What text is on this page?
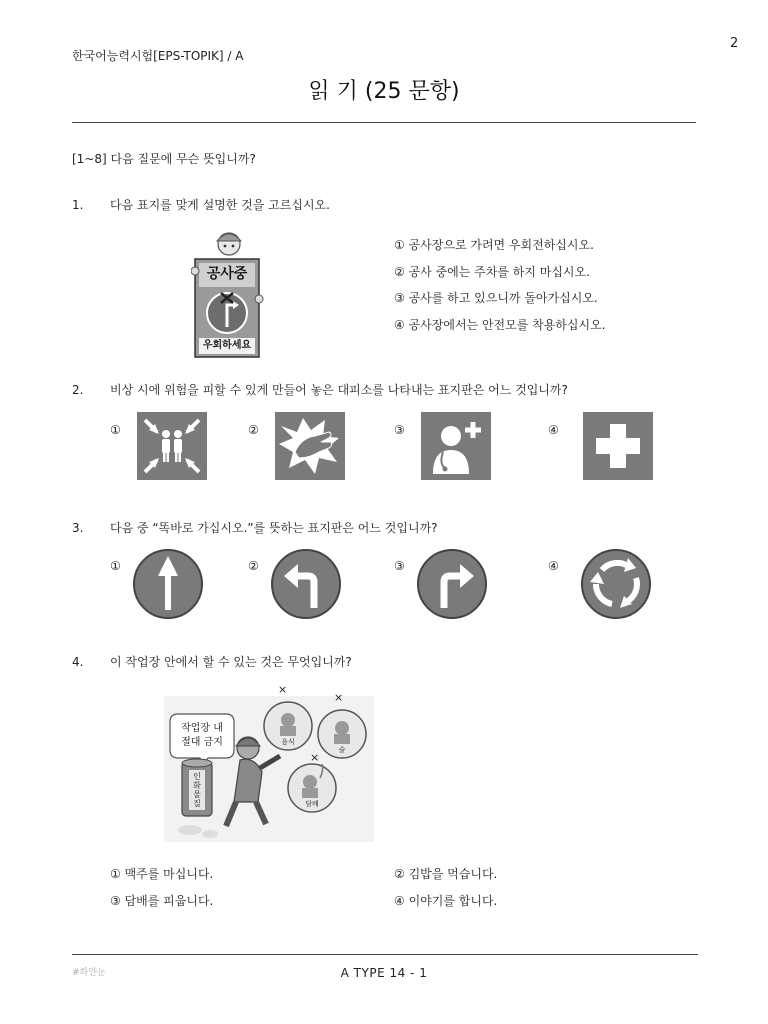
2
한국어능력시험[EPS-TOPIK] / A
읽 기 (25 문항)
[1~8] 다음 질문에 무슨 뜻입니까?
1. 다음 표지를 맞게 설명한 것을 고르십시오.
공사중
우회하세요
① 공사장으로 가려면 우회전하십시오.
② 공사 중에는 주차를 하지 마십시오.
③ 공사를 하고 있으니까 돌아가십시오.
④ 공사장에서는 안전모를 착용하십시오.
2. 비상 시에 위험을 피할 수 있게 만들어 놓은 대피소를 나타내는 표지판은 어느 것입니까?
①	②	③	④
3. 다음 중 “똑바로 가십시오.”를 뜻하는 표지판은 어느 것입니까?
①	②	③	④
4. 이 작업장 안에서 할 수 있는 것은 무엇입니까?
작업장 내
절대 금지
인화물질
음식
술
담배
×
×
×
① 맥주를 마십니다.	② 김밥을 먹습니다.
③ 담배를 피웁니다.	④ 이야기를 합니다.
#하얀눈	A TYPE 14 - 1
